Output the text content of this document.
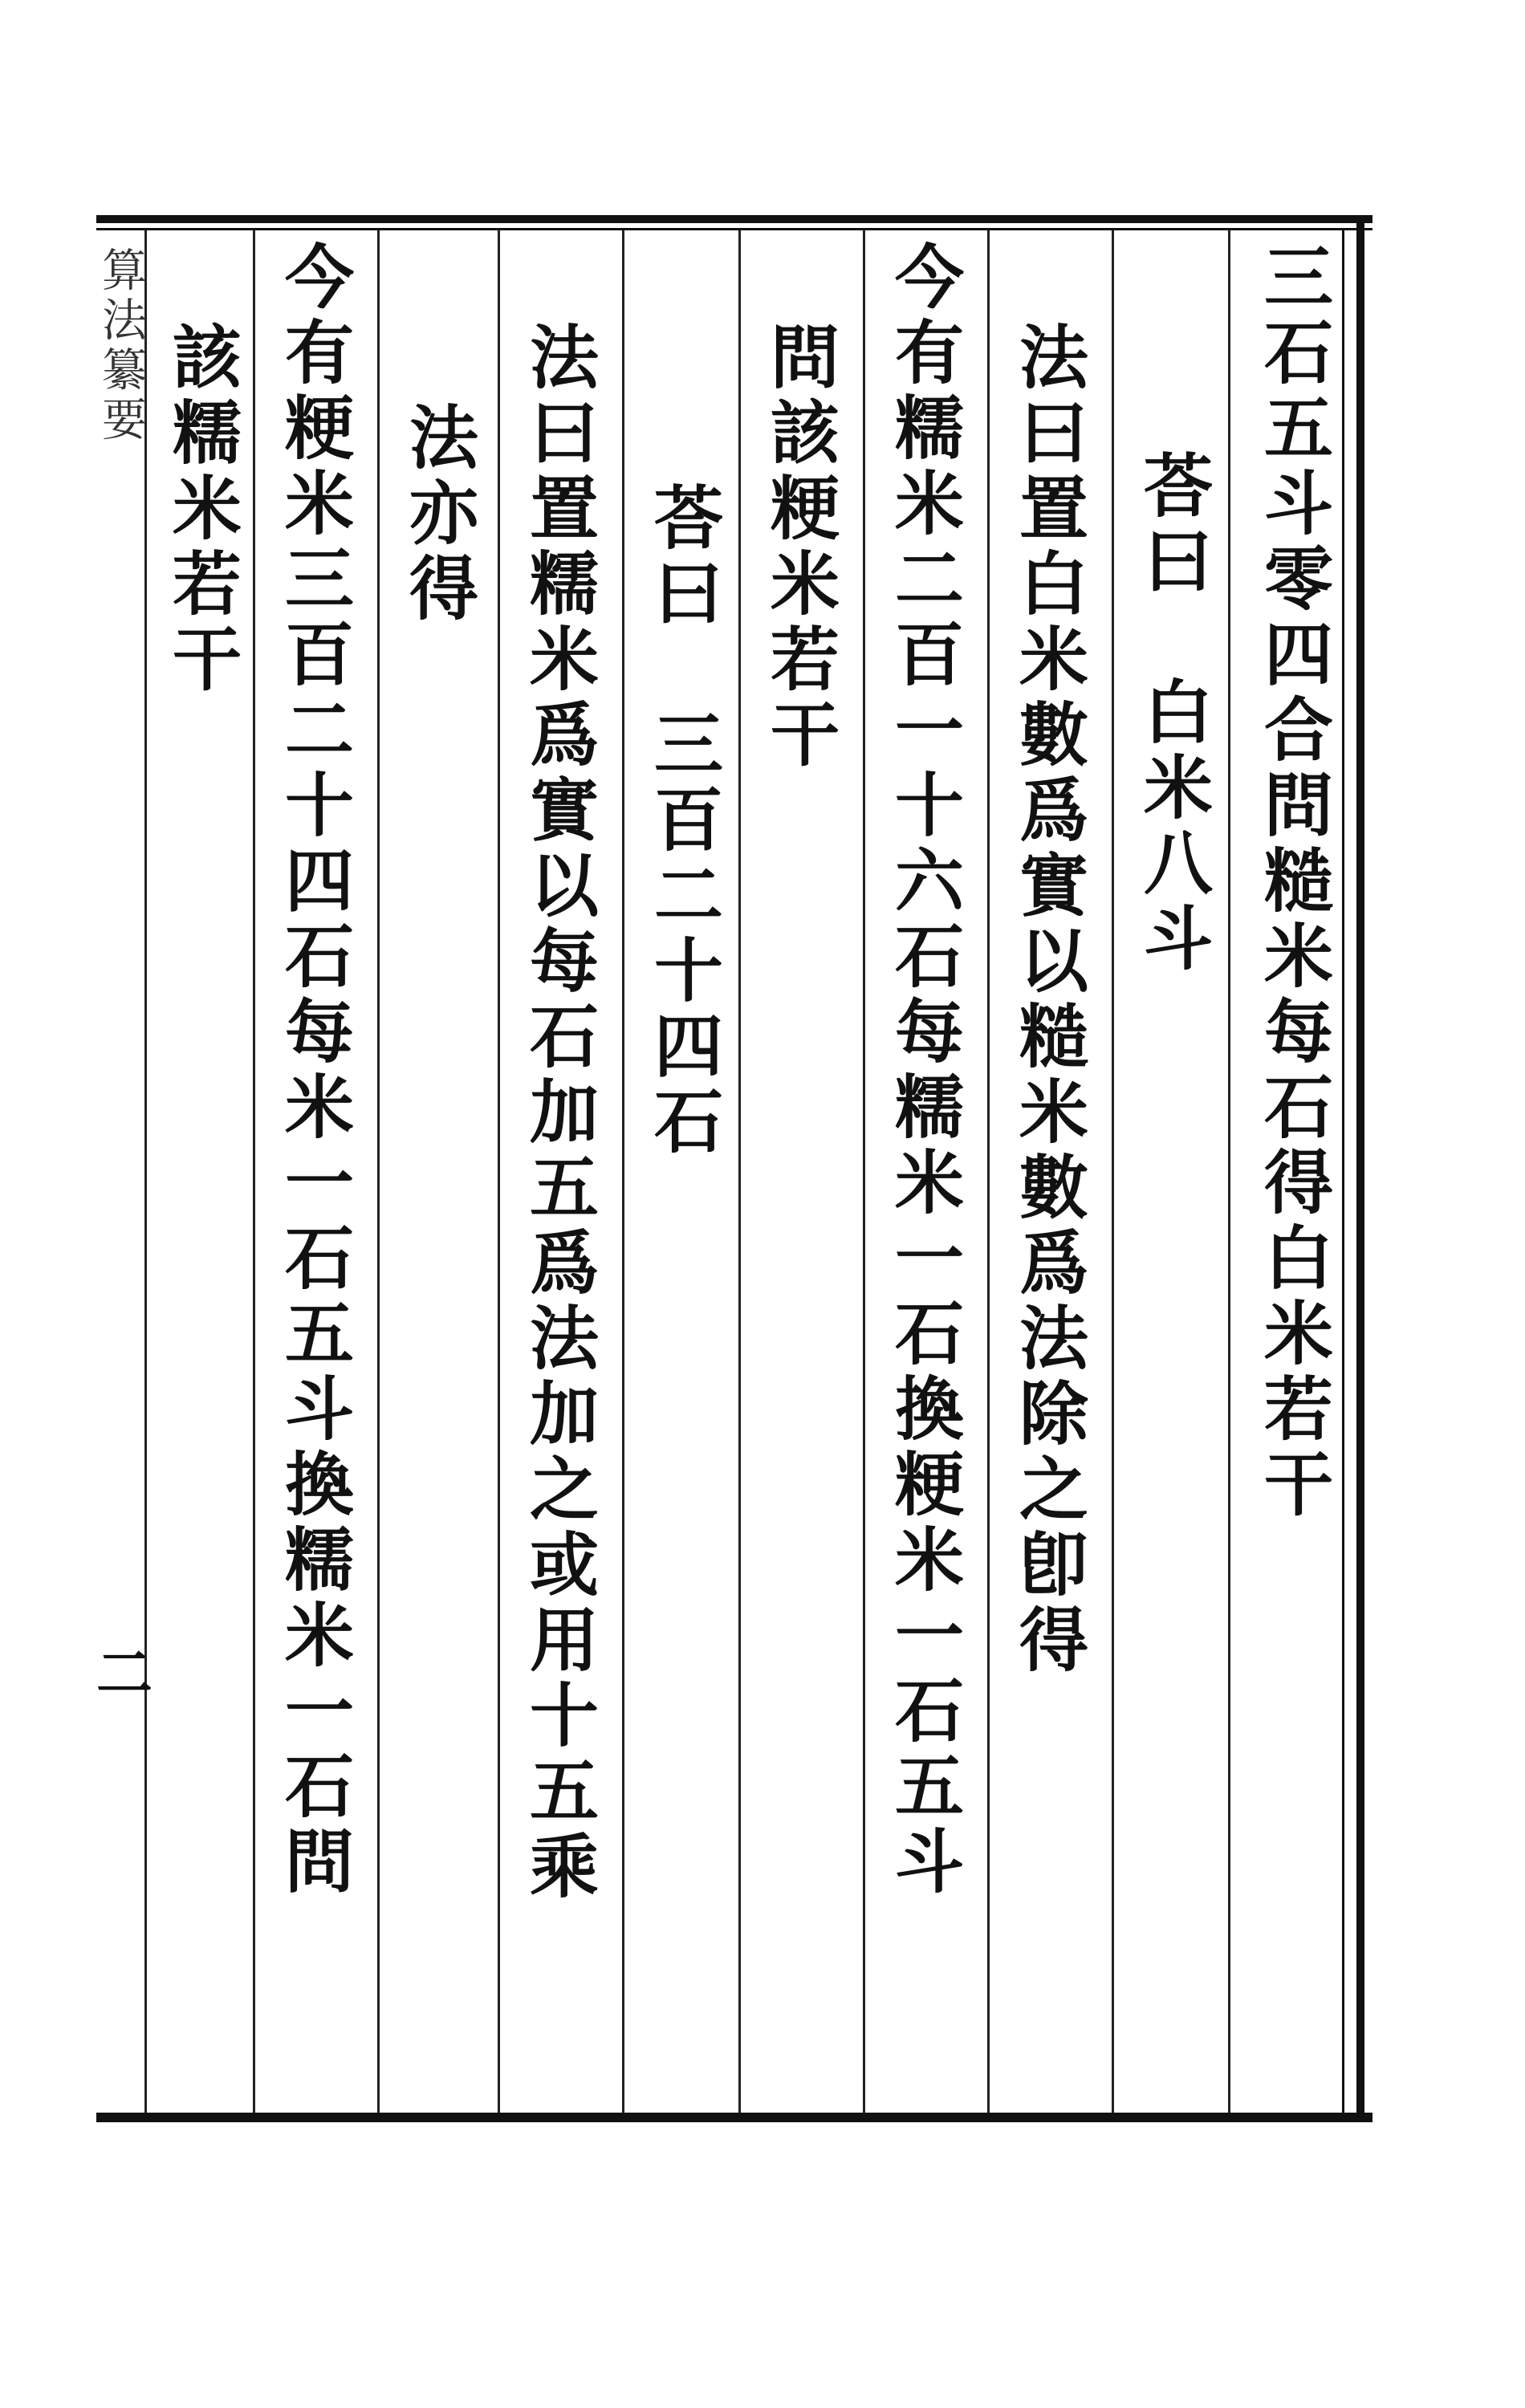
三石五斗零四合問糙米每石得白米若干
荅曰　白米八斗
法曰置白米數爲實以糙米數爲法除之卽得
今有糯米二百一十六石每糯米一石換粳米一石五斗
問該粳米若干
荅曰　三百二十四石
法曰置糯米爲實以每石加五爲法加之或用十五乘
法亦得
今有粳米三百二十四石每米一石五斗換糯米一石問
該糯米若干
算法纂要
二
